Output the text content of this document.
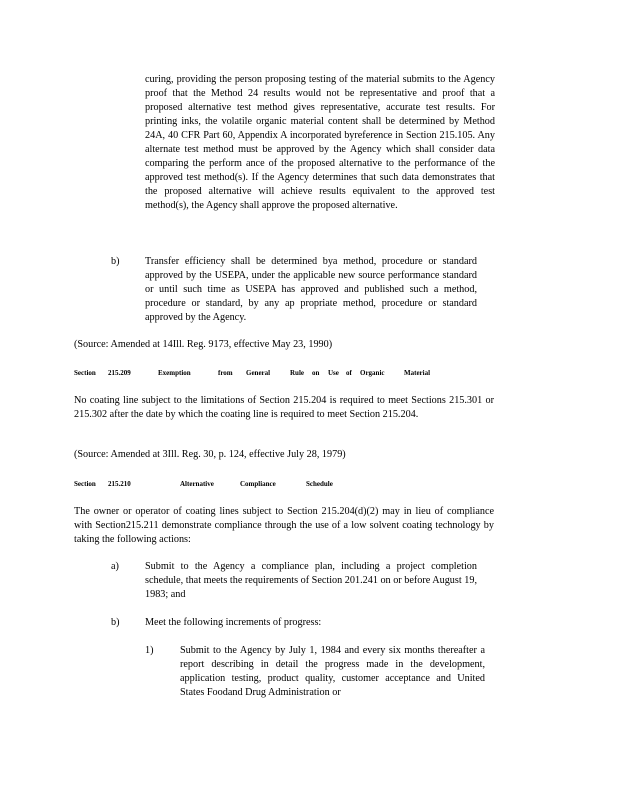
curing, providing the person proposing testing of the material submits to the Agency proof that the Method 24 results would not be representative and proof that a proposed alternative test method gives representative, accurate test results. For printing inks, the volatile organic material content shall be determined by Method 24A, 40 CFR Part 60, Appendix A incorporated byreference in Section 215.105. Any alternate test method must be approved by the Agency which shall consider data comparing the perform ance of the proposed alternative to the performance of the approved test method(s). If the Agency determines that such data demonstrates that the proposed alternative will achieve results equivalent to the approved test method(s), the Agency shall approve the proposed alternative.

b)	Transfer efficiency shall be determined bya method, procedure or standard approved by the USEPA, under the applicable new source performance standard or until such time as USEPA has approved and published such a method, procedure or standard, by any ap propriate method, procedure or standard approved by the Agency.

(Source: Amended at 14Ill. Reg. 9173, effective May 23, 1990)

Section 215.209	Exemption	from General	Rule on Use of Organic	Material

No coating line subject to the limitations of Section 215.204 is required to meet Sections 215.301 or 215.302 after the date by which the coating line is required to meet Section 215.204.

(Source: Amended at 3Ill. Reg. 30, p. 124, effective July 28, 1979)

Section 215.210	Alternative	Compliance	Schedule

The owner or operator of coating lines subject to Section 215.204(d)(2) may in lieu of compliance with Section215.211 demonstrate compliance through the use of a low solvent coating technology by taking the following actions:

a)	Submit to the Agency a compliance plan, including a project completion schedule, that meets the requirements of Section 201.241 on or before August 19, 1983; and

b)	Meet the following increments of progress:

1)	Submit to the Agency by July 1, 1984 and every six months thereafter a report describing in detail the progress made in the development, application testing, product quality, customer acceptance and United States Foodand Drug Administration or
